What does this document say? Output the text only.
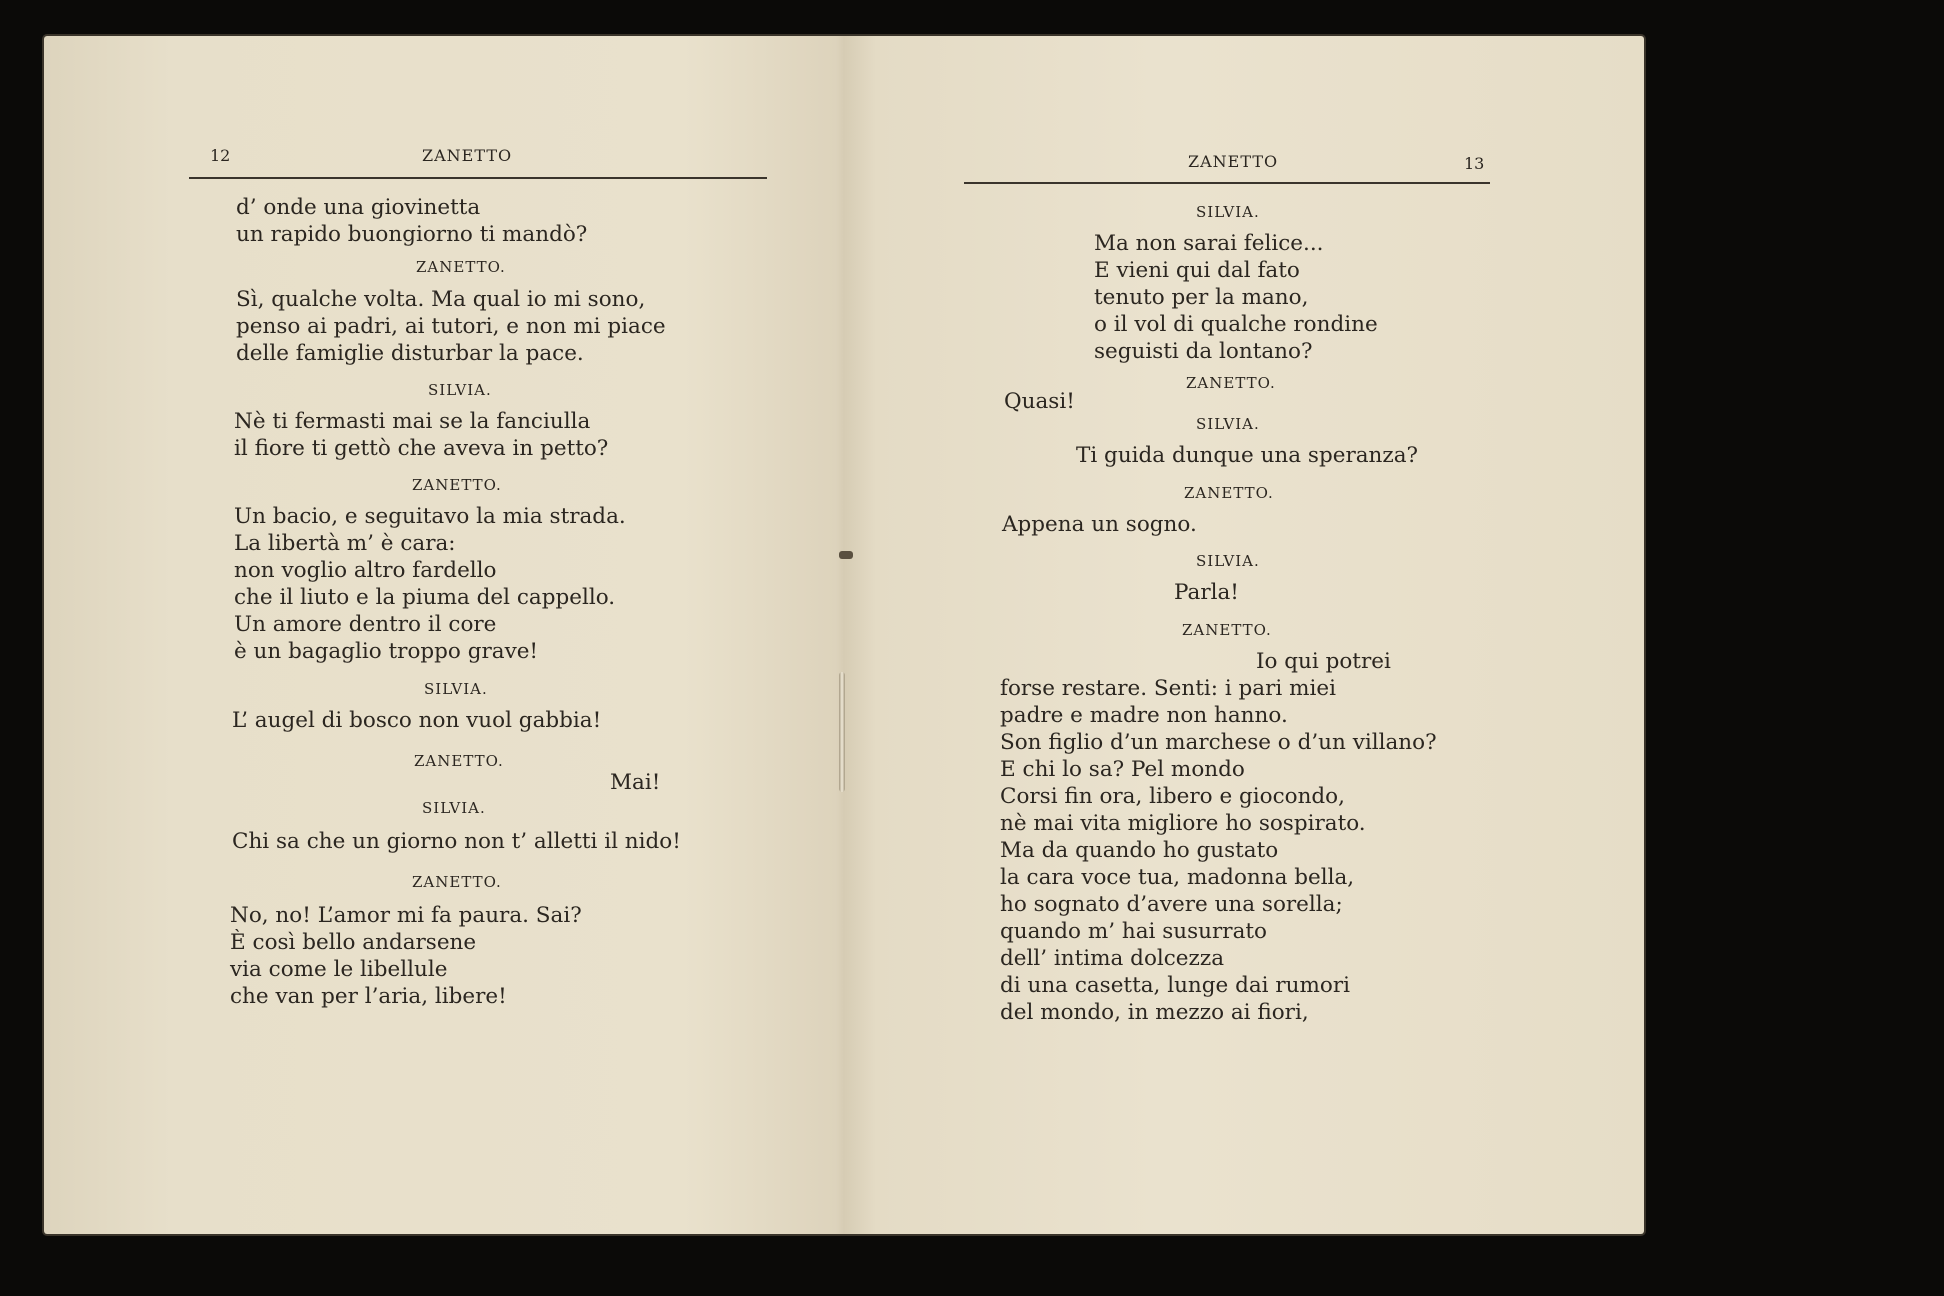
12	ZANETTO
d’ onde una giovinetta
un rapido buongiorno ti mandò?
ZANETTO.
Sì, qualche volta. Ma qual io mi sono,
penso ai padri, ai tutori, e non mi piace
delle famiglie disturbar la pace.
SILVIA.
Nè ti fermasti mai se la fanciulla
il fiore ti gettò che aveva in petto?
ZANETTO.
Un bacio, e seguitavo la mia strada.
La libertà m’ è cara:
non voglio altro fardello
che il liuto e la piuma del cappello.
Un amore dentro il core
è un bagaglio troppo grave!
SILVIA.
L’ augel di bosco non vuol gabbia!
ZANETTO.
Mai!
SILVIA.
Chi sa che un giorno non t’ alletti il nido!
ZANETTO.
No, no! L’amor mi fa paura. Sai?
È così bello andarsene
via come le libellule
che van per l’aria, libere!
ZANETTO	13
SILVIA.
Ma non sarai felice...
E vieni qui dal fato
tenuto per la mano,
o il vol di qualche rondine
seguisti da lontano?
ZANETTO.
Quasi!
SILVIA.
Ti guida dunque una speranza?
ZANETTO.
Appena un sogno.
SILVIA.
Parla!
ZANETTO.
Io qui potrei
forse restare. Senti: i pari miei
padre e madre non hanno.
Son figlio d’un marchese o d’un villano?
E chi lo sa? Pel mondo
Corsi fin ora, libero e giocondo,
nè mai vita migliore ho sospirato.
Ma da quando ho gustato
la cara voce tua, madonna bella,
ho sognato d’avere una sorella;
quando m’ hai susurrato
dell’ intima dolcezza
di una casetta, lunge dai rumori
del mondo, in mezzo ai fiori,
